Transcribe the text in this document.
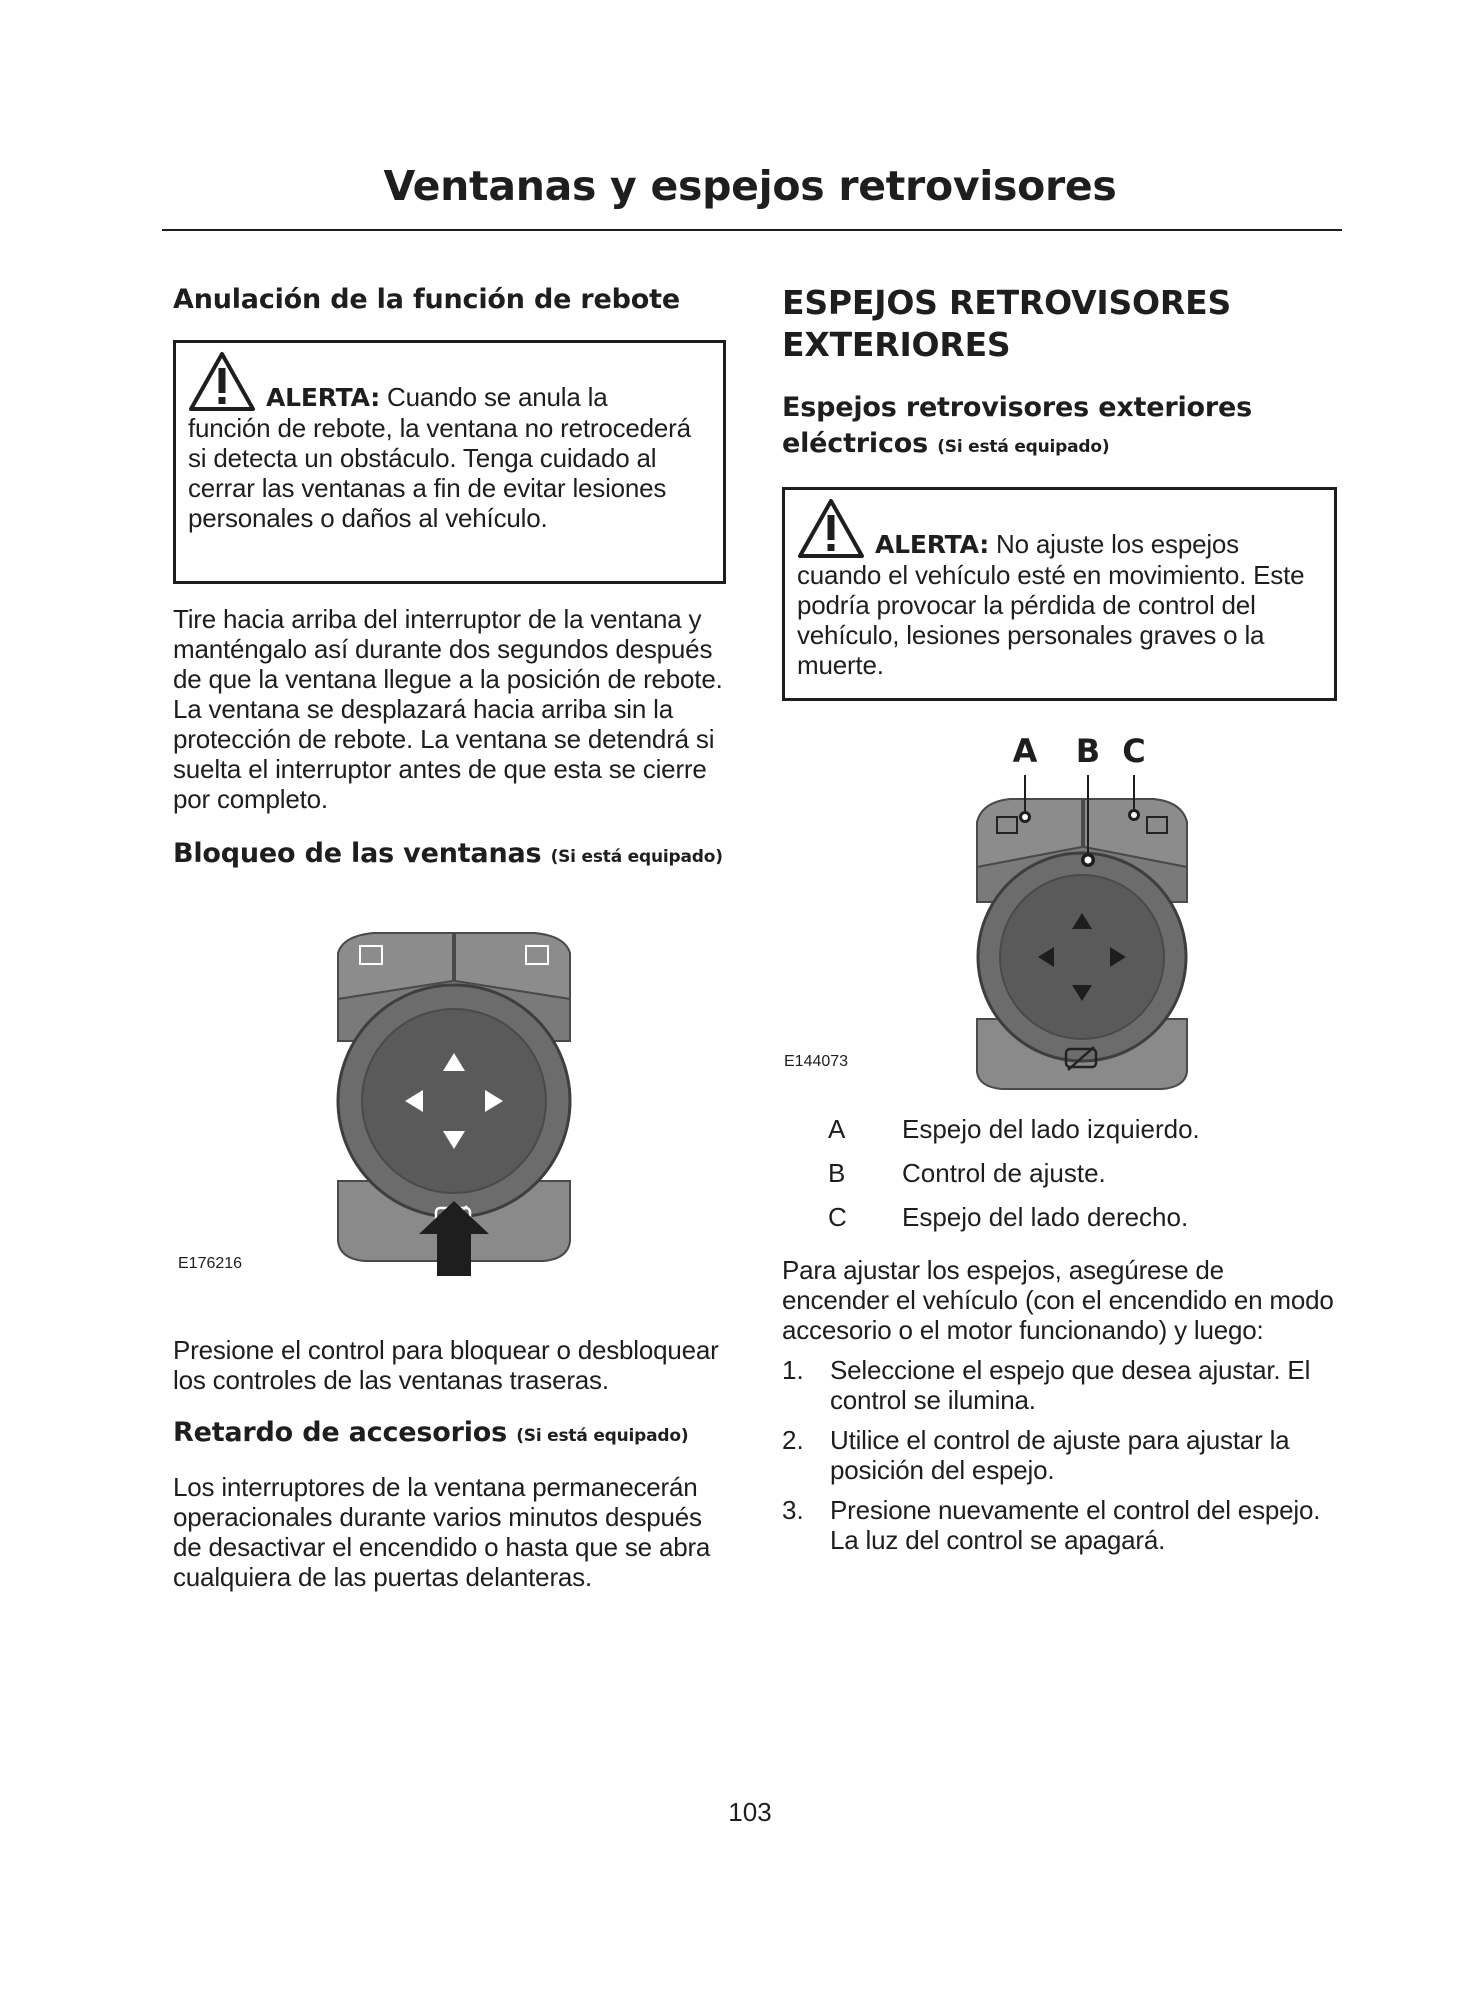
Ventanas y espejos retrovisores
Anulación de la función de rebote
ALERTA: Cuando se anula la

función de rebote, la ventana no retrocederá si detecta un obstáculo. Tenga cuidado al cerrar las ventanas a fin de evitar lesiones personales o daños al vehículo.

Tire hacia arriba del interruptor de la ventana y manténgalo así durante dos segundos después de que la ventana llegue a la posición de rebote. La ventana se desplazará hacia arriba sin la protección de rebote. La ventana se detendrá si suelta el interruptor antes de que esta se cierre por completo.

Bloqueo de las ventanas (Si está equipado)
E176216

Presione el control para bloquear o desbloquear los controles de las ventanas traseras.

Retardo de accesorios (Si está equipado)

Los interruptores de la ventana permanecerán operacionales durante varios minutos después de desactivar el encendido o hasta que se abra cualquiera de las puertas delanteras.

ESPEJOS RETROVISORES EXTERIORES
Espejos retrovisores exteriores eléctricos (Si está equipado)
ALERTA: No ajuste los espejos

cuando el vehículo esté en movimiento. Este podría provocar la pérdida de control del vehículo, lesiones personales graves o la muerte.

A B C
E144073
A	Espejo del lado izquierdo.
B	Control de ajuste.
C	Espejo del lado derecho.

Para ajustar los espejos, asegúrese de encender el vehículo (con el encendido en modo accesorio o el motor funcionando) y luego:

1.	Seleccione el espejo que desea ajustar. El control se ilumina.
2.	Utilice el control de ajuste para ajustar la posición del espejo.
3.	Presione nuevamente el control del espejo. La luz del control se apagará.
103
